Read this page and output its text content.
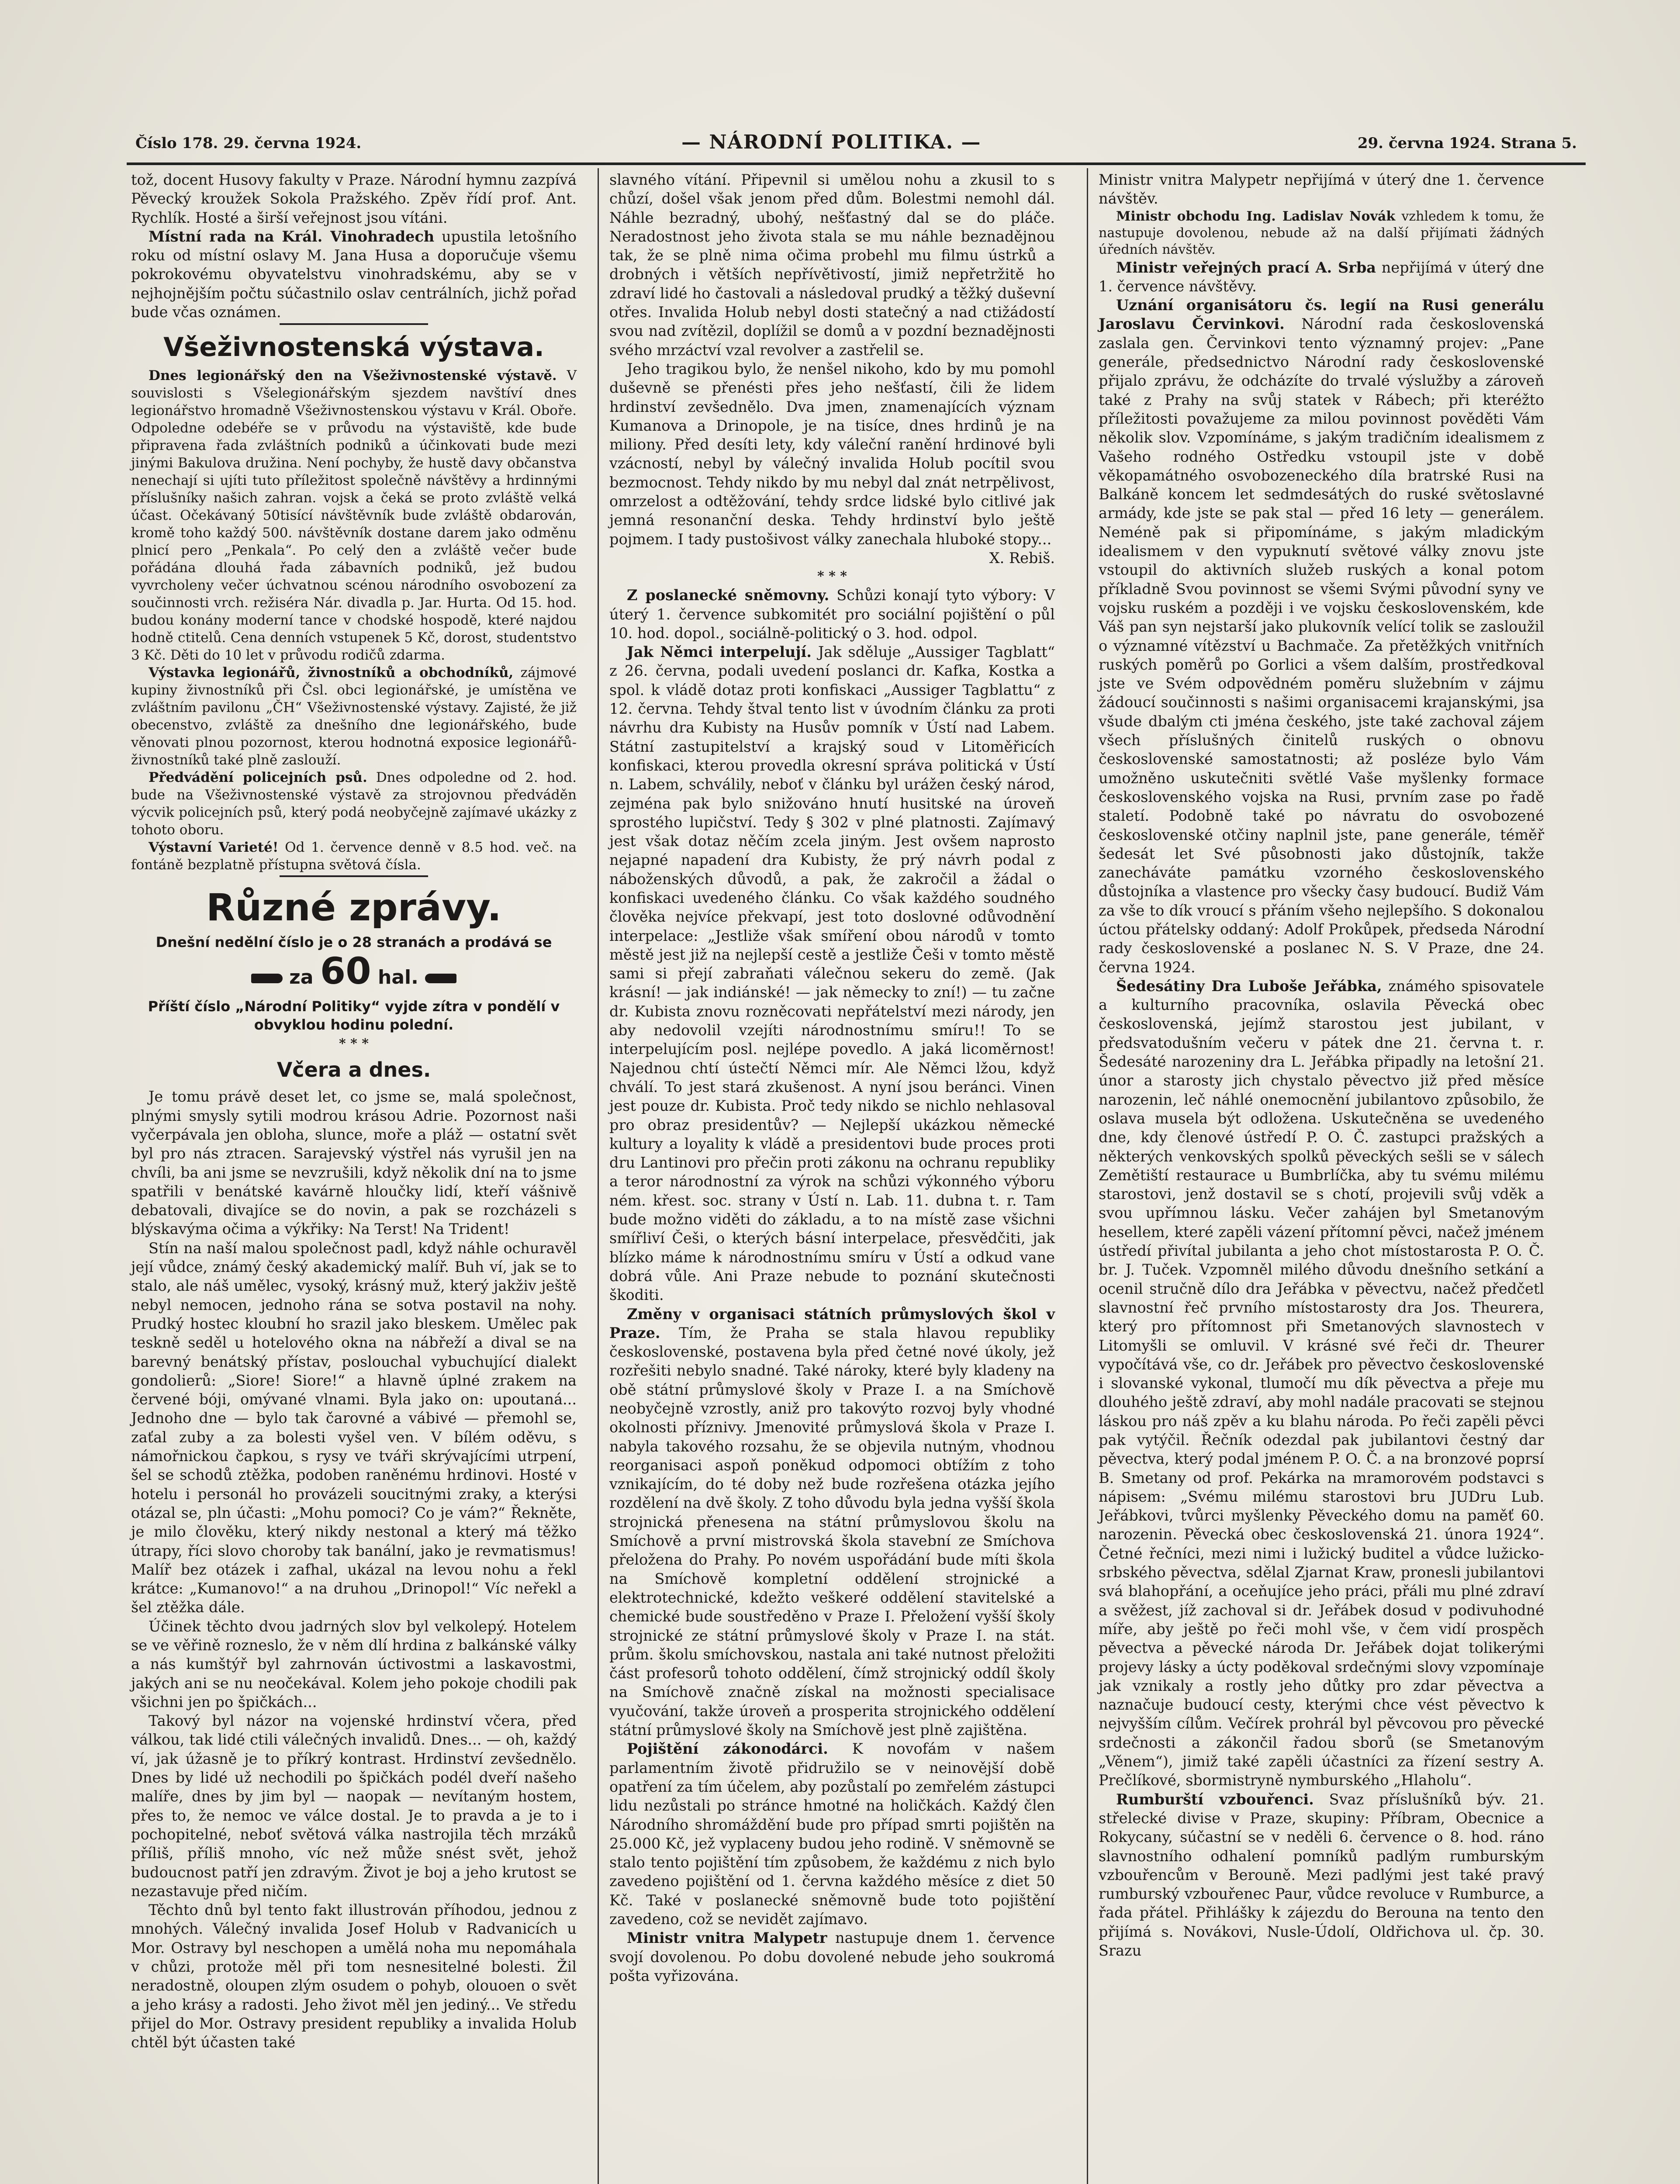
Číslo 178. 29. června 1924.	— NÁRODNÍ POLITIKA. —	29. června 1924. Strana 5.

tož, docent Husovy fakulty v Praze. Národní hymnu zazpívá Pěvecký kroužek Sokola Pražského. Zpěv řídí prof. Ant. Rychlík. Hosté a širší veřejnost jsou vítáni.

Místní rada na Král. Vinohradech upustila letošního roku od místní oslavy M. Jana Husa a doporučuje všemu pokrokovému obyvatelstvu vinohradskému, aby se v nejhojnějším počtu súčastnilo oslav centrálních, jichž pořad bude včas oznámen.

Všeživnostenská výstava.

Dnes legionářský den na Všeživnostenské výstavě. V souvislosti s Všelegionářským sjezdem navštíví dnes legionářstvo hromadně Všeživnostenskou výstavu v Král. Oboře. Odpoledne odebéře se v průvodu na výstaviště, kde bude připravena řada zvláštních podniků a účinkovati bude mezi jinými Bakulova družina. Není pochyby, že hustě davy občanstva nenechají si ujíti tuto příležitost společně návštěvy a hrdinnými příslušníky našich zahran. vojsk a čeká se proto zvláště velká účast. Očekávaný 50tisící návštěvník bude zvláště obdarován, kromě toho každý 500. návštěvník dostane darem jako odměnu plnicí pero „Penkala“. Po celý den a zvláště večer bude pořádána dlouhá řada zábavních podniků, jež budou vyvrcholeny večer úchvatnou scénou národního osvobození za součinnosti vrch. režiséra Nár. divadla p. Jar. Hurta. Od 15. hod. budou konány moderní tance v chodské hospodě, které najdou hodně ctitelů. Cena denních vstupenek 5 Kč, dorost, studentstvo 3 Kč. Děti do 10 let v průvodu rodičů zdarma.

Výstavka legionářů, živnostníků a obchodníků, zájmové kupiny živnostníků při Čsl. obci legionářské, je umístěna ve zvláštním pavilonu „ČH“ Všeživnostenské výstavy. Zajisté, že již obecenstvo, zvláště za dnešního dne legionářského, bude věnovati plnou pozornost, kterou hodnotná exposice legionářů-živnostníků také plně zaslouží.

Předvádění policejních psů. Dnes odpoledne od 2. hod. bude na Všeživnostenské výstavě za strojovnou předváděn výcvik policejních psů, který podá neobyčejně zajímavé ukázky z tohoto oboru.

Výstavní Varieté! Od 1. července denně v 8.5 hod. več. na fontáně bezplatně přístupna světová čísla.

Různé zprávy.
Dnešní nedělní číslo je o 28 stranách a prodává se
za 60 hal.
Příští číslo „Národní Politiky“ vyjde zítra v pondělí v obvyklou hodinu polední.
* * *
Včera a dnes.

Je tomu právě deset let, co jsme se, malá společnost, plnými smysly sytili modrou krásou Adrie. Pozornost naši vyčerpávala jen obloha, slunce, moře a pláž — ostatní svět byl pro nás ztracen. Sarajevský výstřel nás vyrušil jen na chvíli, ba ani jsme se nevzrušili, když několik dní na to jsme spatřili v benátské kavárně hloučky lidí, kteří vášnivě debatovali, divajíce se do novin, a pak se rozcházeli s blýskavýma očima a výkřiky: Na Terst! Na Trident!

Stín na naší malou společnost padl, když náhle ochuravěl její vůdce, známý český akademický malíř. Buh ví, jak se to stalo, ale náš umělec, vysoký, krásný muž, který jakživ ještě nebyl nemocen, jednoho rána se sotva postavil na nohy. Prudký hostec kloubní ho srazil jako bleskem. Umělec pak teskně seděl u hotelového okna na nábřeží a dival se na barevný benátský přístav, poslouchal vybuchující dialekt gondolierů: „Siore! Siore!“ a hlavně úplné zrakem na červené bóji, omývané vlnami. Byla jako on: upoutaná... Jednoho dne — bylo tak čarovné a vábivé — přemohl se, zaťal zuby a za bolesti vyšel ven. V bílém oděvu, s námořnickou čapkou, s rysy ve tváři skrývajícími utrpení, šel se schodů ztěžka, podoben raněnému hrdinovi. Hosté v hotelu i personál ho provázeli soucitnými zraky, a kterýsi otázal se, pln účasti: „Mohu pomoci? Co je vám?“ Řekněte, je milo člověku, který nikdy nestonal a který má těžko útrapy, říci slovo choroby tak banální, jako je revmatismus! Malíř bez otázek i zafhal, ukázal na levou nohu a řekl krátce: „Kumanovo!“ a na druhou „Drinopol!“ Víc neřekl a šel ztěžka dále.

Účinek těchto dvou jadrných slov byl velkolepý. Hotelem se ve věřině rozneslo, že v něm dlí hrdina z balkánské války a nás kumštýř byl zahrnován úctivostmi a laskavostmi, jakých ani se nu neočekával. Kolem jeho pokoje chodili pak všichni jen po špičkách...

Takový byl názor na vojenské hrdinství včera, před válkou, tak lidé ctili válečných invalidů. Dnes... — oh, každý ví, jak úžasně je to příkrý kontrast. Hrdinství zevšednělo. Dnes by lidé už nechodili po špičkách podél dveří našeho malíře, dnes by jim byl — naopak — nevítaným hostem, přes to, že nemoc ve válce dostal. Je to pravda a je to i pochopitelné, neboť světová válka nastrojila těch mrzáků příliš, příliš mnoho, víc než může snést svět, jehož budoucnost patří jen zdravým. Život je boj a jeho krutost se nezastavuje před ničím.

Těchto dnů byl tento fakt illustrován příhodou, jednou z mnohých. Válečný invalida Josef Holub v Radvanicích u Mor. Ostravy byl neschopen a umělá noha mu nepomáhala v chůzi, protože měl při tom nesnesitelné bolesti. Žil neradostně, oloupen zlým osudem o pohyb, olouoen o svět a jeho krásy a radosti. Jeho život měl jen jediný... Ve středu přijel do Mor. Ostravy president republiky a invalida Holub chtěl být účasten také

slavného vítání. Připevnil si umělou nohu a zkusil to s chůzí, došel však jenom před dům. Bolestmi nemohl dál. Náhle bezradný, ubohý, nešťastný dal se do pláče. Neradostnost jeho života stala se mu náhle beznadějnou tak, že se plně nima očima probehl mu filmu ústrků a drobných i větších nepřívětivostí, jimiž nepřetržitě ho zdraví lidé ho častovali a následoval prudký a těžký duševní otřes. Invalida Holub nebyl dosti statečný a nad ctižádostí svou nad zvítězil, doplížil se domů a v pozdní beznadějnosti svého mrzáctví vzal revolver a zastřelil se.

Jeho tragikou bylo, že nenšel nikoho, kdo by mu pomohl duševně se přenésti přes jeho nešťastí, čili že lidem hrdinství zevšednělo. Dva jmen, znamenajících význam Kumanova a Drinopole, je na tisíce, dnes hrdinů je na miliony. Před desíti lety, kdy váleční ranění hrdinové byli vzácností, nebyl by válečný invalida Holub pocítil svou bezmocnost. Tehdy nikdo by mu nebyl dal znát netrpělivost, omrzelost a odtěžování, tehdy srdce lidské bylo citlivé jak jemná resonanční deska. Tehdy hrdinství bylo ještě pojmem. I tady pustošivost války zanechala hluboké stopy...

X. Rebiš.

* * *

Z poslanecké sněmovny. Schůzi konají tyto výbory: V úterý 1. července subkomitét pro sociální pojištění o půl 10. hod. dopol., sociálně-politický o 3. hod. odpol.

Jak Němci interpelují. Jak sděluje „Aussiger Tagblatt“ z 26. června, podali uvedení poslanci dr. Kafka, Kostka a spol. k vládě dotaz proti konfiskaci „Aussiger Tagblattu“ z 12. června. Tehdy štval tento list v úvodním článku za proti návrhu dra Kubisty na Husův pomník v Ústí nad Labem. Státní zastupitelství a krajský soud v Litoměřicích konfiskaci, kterou provedla okresní správa politická v Ústí n. Labem, schválily, neboť v článku byl urážen český národ, zejména pak bylo snižováno hnutí husitské na úroveň sprostého lupičství. Tedy § 302 v plné platnosti. Zajímavý jest však dotaz něčím zcela jiným. Jest ovšem naprosto nejapné napadení dra Kubisty, že prý návrh podal z náboženských důvodů, a pak, že zakročil a žádal o konfiskaci uvedeného článku. Co však každého soudného člověka nejvíce překvapí, jest toto doslovné odůvodnění interpelace: „Jestliže však smíření obou národů v tomto městě jest již na nejlepší cestě a jestliže Češi v tomto městě sami si přejí zabraňati válečnou sekeru do země. (Jak krásní! — jak indiánské! — jak německy to zní!) — tu začne dr. Kubista znovu rozněcovati nepřátelství mezi národy, jen aby nedovolil vzejíti národnostnímu smíru!! To se interpelujícím posl. nejlépe povedlo. A jaká licoměrnost! Najednou chtí ústečtí Němci mír. Ale Němci lžou, když chválí. To jest stará zkušenost. A nyní jsou beránci. Vinen jest pouze dr. Kubista. Proč tedy nikdo se nichlo nehlasoval pro obraz presidentův? — Nejlepší ukázkou německé kultury a loyality k vládě a presidentovi bude proces proti dru Lantinovi pro přečin proti zákonu na ochranu republiky a teror národnostní za výrok na schůzi výkonného výboru ném. křest. soc. strany v Ústí n. Lab. 11. dubna t. r. Tam bude možno viděti do základu, a to na místě zase všichni smířliví Češi, o kterých básní interpelace, přesvědčiti, jak blízko máme k národnostnímu smíru v Ústí a odkud vane dobrá vůle. Ani Praze nebude to poznání skutečnosti škoditi.

Změny v organisaci státních průmyslových škol v Praze. Tím, že Praha se stala hlavou republiky československé, postavena byla před četné nové úkoly, jež rozřešiti nebylo snadné. Také nároky, které byly kladeny na obě státní průmyslové školy v Praze I. a na Smíchově neobyčejně vzrostly, aniž pro takovýto rozvoj byly vhodné okolnosti příznivy. Jmenovité průmyslová škola v Praze I. nabyla takového rozsahu, že se objevila nutným, vhodnou reorganisaci aspoň poněkud odpomoci obtížím z toho vznikajícím, do té doby než bude rozřešena otázka jejího rozdělení na dvě školy. Z toho důvodu byla jedna vyšší škola strojnická přenesena na státní průmyslovou školu na Smíchově a první mistrovská škola stavební ze Smíchova přeložena do Prahy. Po novém uspořádání bude míti škola na Smíchově kompletní oddělení strojnické a elektrotechnické, kdežto veškeré oddělení stavitelské a chemické bude soustředěno v Praze I. Přeložení vyšší školy strojnické ze státní průmyslové školy v Praze I. na stát. prům. školu smíchovskou, nastala ani také nutnost přeložiti část profesorů tohoto oddělení, čímž strojnický oddíl školy na Smíchově značně získal na možnosti specialisace vyučování, takže úroveň a prosperita strojnického oddělení státní průmyslové školy na Smíchově jest plně zajištěna.

Pojištění zákonodárci. K novofám v našem parlamentním životě přidružilo se v neinovější době opatření za tím účelem, aby pozůstalí po zemřelém zástupci lidu nezůstali po stránce hmotné na holičkách. Každý člen Národního shromáždění bude pro případ smrti pojištěn na 25.000 Kč, jež vyplaceny budou jeho rodině. V sněmovně se stalo tento pojištění tím způsobem, že každému z nich bylo zavedeno pojištění od 1. června každého měsíce z diet 50 Kč. Také v poslanecké sněmovně bude toto pojištění zavedeno, což se nevidět zajímavo.

Ministr vnitra Malypetr nastupuje dnem 1. července svojí dovolenou. Po dobu dovolené nebude jeho soukromá pošta vyřizována.

Ministr vnitra Malypetr nepřijímá v úterý dne 1. července návštěv.

Ministr obchodu Ing. Ladislav Novák vzhledem k tomu, že nastupuje dovolenou, nebude až na další přijímati žádných úředních návštěv.

Ministr veřejných prací A. Srba nepřijímá v úterý dne 1. července návštěvy.

Uznání organisátoru čs. legií na Rusi generálu Jaroslavu Červinkovi. Národní rada československá zaslala gen. Červinkovi tento významný projev: „Pane generále, předsednictvo Národní rady československé přijalo zprávu, že odcházíte do trvalé výslužby a zároveň také z Prahy na svůj statek v Rábech; při kteréžto příležitosti považujeme za milou povinnost pověděti Vám několik slov. Vzpomínáme, s jakým tradičním idealismem z Vašeho rodného Ostředku vstoupil jste v době věkopamátného osvobozeneckého díla bratrské Rusi na Balkáně koncem let sedmdesátých do ruské světoslavné armády, kde jste se pak stal — před 16 lety — generálem. Neméně pak si připomínáme, s jakým mladickým idealismem v den vypuknutí světové války znovu jste vstoupil do aktivních služeb ruských a konal potom příkladně Svou povinnost se všemi Svými původní syny ve vojsku ruském a později i ve vojsku československém, kde Váš pan syn nejstarší jako plukovník velící tolik se zasloužil o významné vítězství u Bachmače. Za přetěžkých vnitřních ruských poměrů po Gorlici a všem dalším, prostředkoval jste ve Svém odpovědném poměru služebním v zájmu žádoucí součinnosti s našimi organisacemi krajanskými, jsa všude dbalým cti jména českého, jste také zachoval zájem všech příslušných činitelů ruských o obnovu československé samostatnosti; až posléze bylo Vám umožněno uskutečniti světlé Vaše myšlenky formace československého vojska na Rusi, prvním zase po řadě staletí. Podobně také po návratu do osvobozené československé otčiny naplnil jste, pane generále, téměř šedesát let Své působnosti jako důstojník, takže zanecháváte památku vzorného československého důstojníka a vlastence pro všecky časy budoucí. Budiž Vám za vše to dík vroucí s přáním všeho nejlepšího. S dokonalou úctou přátelsky oddaný: Adolf Prokůpek, předseda Národní rady československé a poslanec N. S. V Praze, dne 24. června 1924.

Šedesátiny Dra Luboše Jeřábka, známého spisovatele a kulturního pracovníka, oslavila Pěvecká obec československá, jejímž starostou jest jubilant, v předsvatodušním večeru v pátek dne 21. června t. r. Šedesáté narozeniny dra L. Jeřábka připadly na letošní 21. únor a starosty jich chystalo pěvectvo již před měsíce narozenin, leč náhlé onemocnění jubilantovo způsobilo, že oslava musela být odložena. Uskutečněna se uvedeného dne, kdy členové ústředí P. O. Č. zastupci pražských a některých venkovských spolků pěveckých sešli se v sálech Zemětiští restaurace u Bumbrlíčka, aby tu svému milému starostovi, jenž dostavil se s chotí, projevili svůj vděk a svou upřímnou lásku. Večer zahájen byl Smetanovým hesellem, které zapěli vázení přítomní pěvci, načež jménem ústředí přivítal jubilanta a jeho chot místostarosta P. O. Č. br. J. Tuček. Vzpomněl milého důvodu dnešního setkání a ocenil stručně dílo dra Jeřábka v pěvectvu, načež předčetl slavnostní řeč prvního místostarosty dra Jos. Theurera, který pro přítomnost při Smetanových slavnostech v Litomyšli se omluvil. V krásné své řeči dr. Theurer vypočítává vše, co dr. Jeřábek pro pěvectvo československé i slovanské vykonal, tlumočí mu dík pěvectva a přeje mu dlouhého ještě zdraví, aby mohl nadále pracovati se stejnou láskou pro náš zpěv a ku blahu národa. Po řeči zapěli pěvci pak vytýčil. Řečník odezdal pak jubilantovi čestný dar pěvectva, který podal jménem P. O. Č. a na bronzové poprsí B. Smetany od prof. Pekárka na mramorovém podstavci s nápisem: „Svému milému starostovi bru JUDru Lub. Jeřábkovi, tvůrci myšlenky Pěveckého domu na paměť 60. narozenin. Pěvecká obec československá 21. února 1924“. Četné řečníci, mezi nimi i lužický buditel a vůdce lužicko-srbského pěvectva, sdělal Zjarnat Kraw, pronesli jubilantovi svá blahopřání, a oceňujíce jeho práci, přáli mu plné zdraví a svěžest, jíž zachoval si dr. Jeřábek dosud v podivuhodné míře, aby ještě po řeči mohl vše, v čem vidí prospěch pěvectva a pěvecké národa Dr. Jeřábek dojat tolikerými projevy lásky a úcty poděkoval srdečnými slovy vzpomínaje jak vznikaly a rostly jeho důtky pro zdar pěvectva a naznačuje budoucí cesty, kterými chce vést pěvectvo k nejvyšším cílům. Večírek prohrál byl pěvcovou pro pěvecké srdečnosti a zákončil řadou sborů (se Smetanovým „Věnem“), jimiž také zapěli účastníci za řízení sestry A. Prečlíkové, sbormistryně nymburského „Hlaholu“.

Rumburští vzbouřenci. Svaz příslušníků býv. 21. střelecké divise v Praze, skupiny: Příbram, Obecnice a Rokycany, súčastní se v neděli 6. července o 8. hod. ráno slavnostního odhalení pomníků padlým rumburským vzbouřencům v Berouně. Mezi padlými jest také pravý rumburský vzbouřenec Paur, vůdce revoluce v Rumburce, a řada přátel. Přihlášky k zájezdu do Berouna na tento den přijímá s. Novákovi, Nusle-Údolí, Oldřichova ul. čp. 30. Srazu
